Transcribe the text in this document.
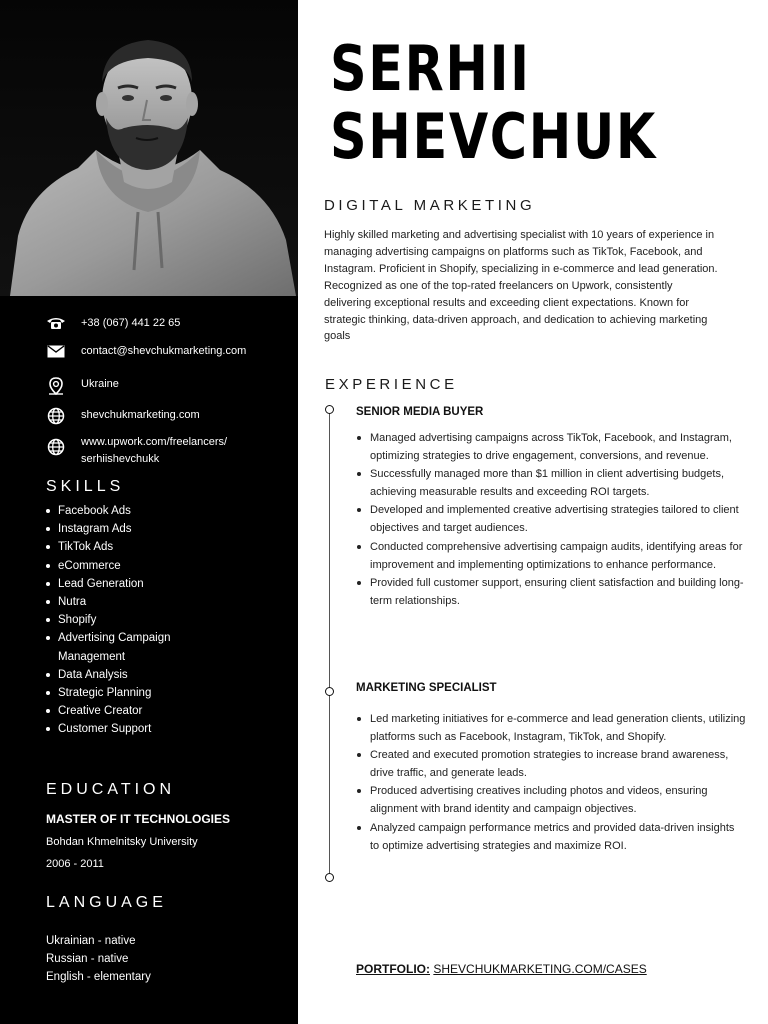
+38 (067) 441 22 65
contact@shevchukmarketing.com
Ukraine
shevchukmarketing.com
www.upwork.com/freelancers/
serhiishevchukk
SKILLS
Facebook Ads
Instagram Ads
TikTok Ads
eCommerce
Lead Generation
Nutra
Shopify
Advertising Campaign Management
Data Analysis
Strategic Planning
Creative Creator
Customer Support
EDUCATION
MASTER OF IT TECHNOLOGIES
Bohdan Khmelnitsky University
2006 - 2011
LANGUAGE
Ukrainian - native
Russian - native
English - elementary
SERHII
SHEVCHUK
DIGITAL MARKETING

Highly skilled marketing and advertising specialist with 10 years of experience in managing advertising campaigns on platforms such as TikTok, Facebook, and Instagram. Proficient in Shopify, specializing in e-commerce and lead generation. Recognized as one of the top-rated freelancers on Upwork, consistently delivering exceptional results and exceeding client expectations. Known for strategic thinking, data-driven approach, and dedication to achieving marketing goals

EXPERIENCE
SENIOR MEDIA BUYER
Managed advertising campaigns across TikTok, Facebook, and Instagram, optimizing strategies to drive engagement, conversions, and revenue.
Successfully managed more than $1 million in client advertising budgets, achieving measurable results and exceeding ROI targets.
Developed and implemented creative advertising strategies tailored to client objectives and target audiences.
Conducted comprehensive advertising campaign audits, identifying areas for improvement and implementing optimizations to enhance performance.
Provided full customer support, ensuring client satisfaction and building long-term relationships.
MARKETING SPECIALIST
Led marketing initiatives for e-commerce and lead generation clients, utilizing platforms such as Facebook, Instagram, TikTok, and Shopify.
Created and executed promotion strategies to increase brand awareness, drive traffic, and generate leads.
Produced advertising creatives including photos and videos, ensuring alignment with brand identity and campaign objectives.
Analyzed campaign performance metrics and provided data-driven insights to optimize advertising strategies and maximize ROI.
PORTFOLIO: SHEVCHUKMARKETING.COM/CASES
